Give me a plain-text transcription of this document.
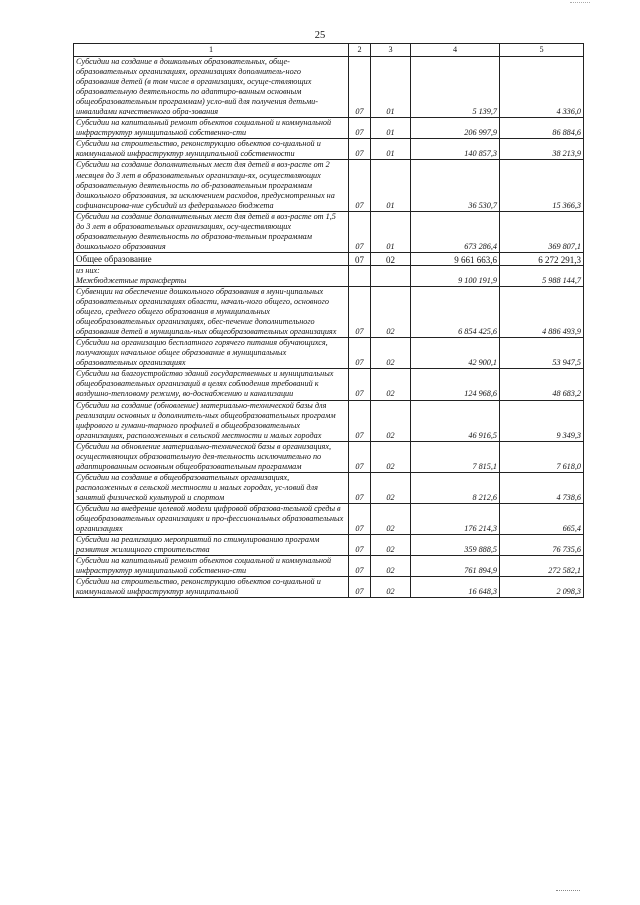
25
1	2	3	4	5
Субсидии на создание в дошкольных образовательных, обще-образовательных организациях, организациях дополнитель-ного образования детей (в том числе в организациях, осуще-ствляющих образовательную деятельность по адаптиро-ванным основным общеобразовательным программам) усло-вий для получения детьми-инвалидами качественного обра-зования	07	01	5 139,7	4 336,0
Субсидии на капитальный ремонт объектов социальной и коммунальной инфраструктур муниципальной собственно-сти	07	01	206 997,9	86 884,6
Субсидии на строительство, реконструкцию объектов со-циальной и коммунальной инфраструктур муниципальной собственности	07	01	140 857,3	38 213,9
Субсидии на создание дополнительных мест для детей в воз-расте от 2 месяцев до 3 лет в образовательных организаци-ях, осуществляющих образовательную деятельность по об-разовательным программам дошкольного образования, за исключением расходов, предусмотренных на софинансирова-ние субсидий из федерального бюджета	07	01	36 530,7	15 366,3
Субсидии на создание дополнительных мест для детей в воз-расте от 1,5 до 3 лет в образовательных организациях, осу-ществляющих образовательную деятельность по образова-тельным программам дошкольного образования	07	01	673 286,4	369 807,1
Общее образование	07	02	9 661 663,6	6 272 291,3
из них:
Межбюджетные трансферты			9 100 191,9	5 988 144,7
Субвенции на обеспечение дошкольного образования в муни-ципальных образовательных организациях области, началь-ного общего, основного общего, среднего общего образования в муниципальных общеобразовательных организациях, обес-печение дополнительного образования детей в муниципаль-ных общеобразовательных организациях	07	02	6 854 425,6	4 886 493,9
Субсидии на организацию бесплатного горячего питания обучающихся, получающих начальное общее образование в муниципальных образовательных организациях	07	02	42 900,1	53 947,5
Субсидии на благоустройство зданий государственных и муниципальных общеобразовательных организаций в целях соблюдения требований к воздушно-тепловому режиму, во-доснабжению и канализации	07	02	124 968,6	48 683,2
Субсидии на создание (обновление) материально-технической базы для реализации основных и дополнитель-ных общеобразовательных программ цифрового и гумани-тарного профилей в общеобразовательных организациях, расположенных в сельской местности и малых городах	07	02	46 916,5	9 349,3
Субсидии на обновление материально-технической базы в организациях, осуществляющих образовательную дея-тельность исключительно по адаптированным основным общеобразовательным программам	07	02	7 815,1	7 618,0
Субсидии на создание в общеобразовательных организациях, расположенных в сельской местности и малых городах, ус-ловий для занятий физической культурой и спортом	07	02	8 212,6	4 738,6
Субсидии на внедрение целевой модели цифровой образова-тельной среды в общеобразовательных организациях и про-фессиональных образовательных организациях	07	02	176 214,3	665,4
Субсидии на реализацию мероприятий по стимулированию программ развития жилищного строительства	07	02	359 888,5	76 735,6
Субсидии на капитальный ремонт объектов социальной и коммунальной инфраструктур муниципальной собственно-сти	07	02	761 894,9	272 582,1
Субсидии на строительство, реконструкцию объектов со-циальной и коммунальной инфраструктур муниципальной	07	02	16 648,3	2 098,3
